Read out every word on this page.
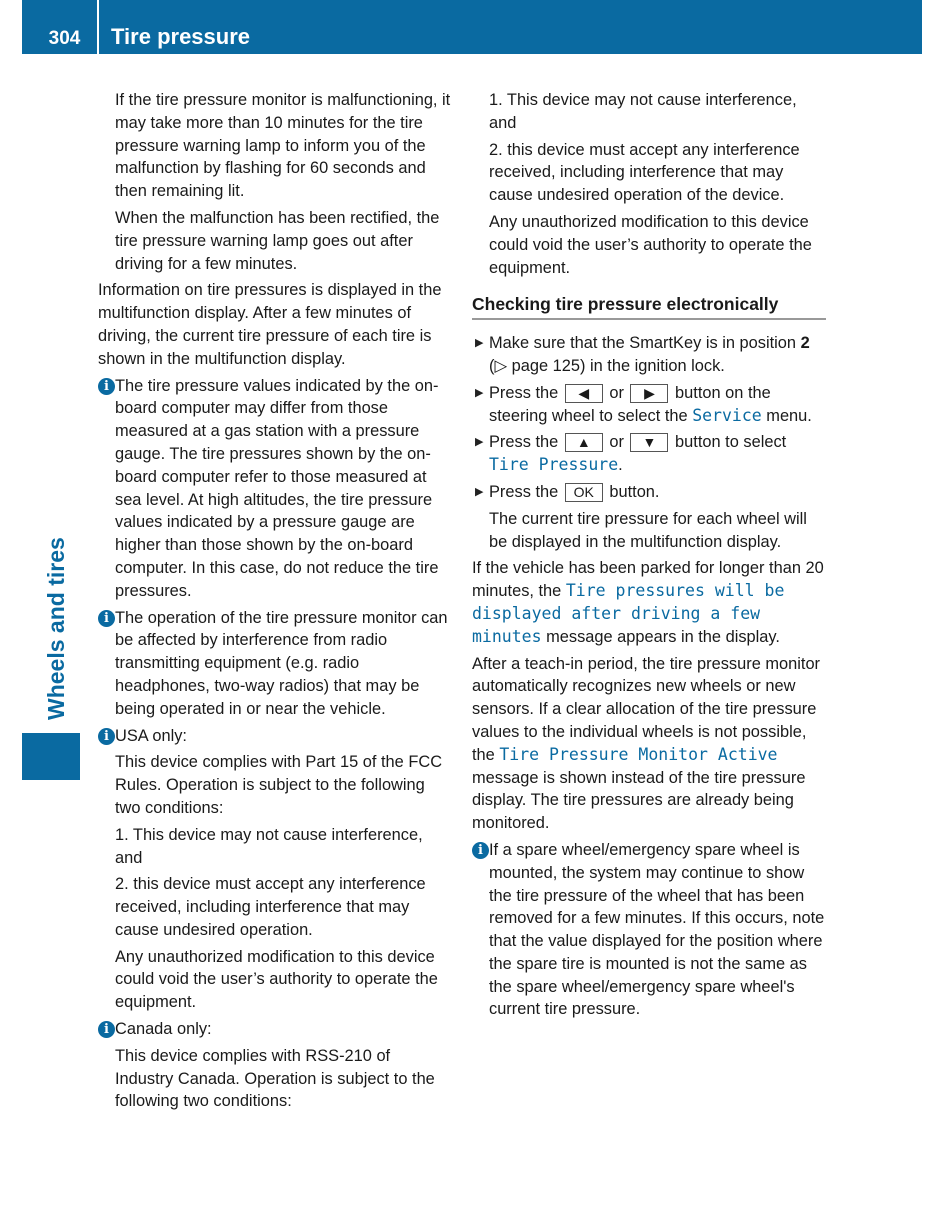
304	Tire pressure
Wheels and tires
If the tire pressure monitor is malfunctioning, it may take more than 10 minutes for the tire pressure warning lamp to inform you of the malfunction by flashing for 60 seconds and then remaining lit.
When the malfunction has been rectified, the tire pressure warning lamp goes out after driving for a few minutes.
Information on tire pressures is displayed in the multifunction display. After a few minutes of driving, the current tire pressure of each tire is shown in the multifunction display.
i The tire pressure values indicated by the on-board computer may differ from those measured at a gas station with a pressure gauge. The tire pressures shown by the on-board computer refer to those measured at sea level. At high altitudes, the tire pressure values indicated by a pressure gauge are higher than those shown by the on-board computer. In this case, do not reduce the tire pressures.
i The operation of the tire pressure monitor can be affected by interference from radio transmitting equipment (e.g. radio headphones, two-way radios) that may be being operated in or near the vehicle.
i USA only:
This device complies with Part 15 of the FCC Rules. Operation is subject to the following two conditions:
1. This device may not cause interference, and
2. this device must accept any interference received, including interference that may cause undesired operation.
Any unauthorized modification to this device could void the user’s authority to operate the equipment.
i Canada only:
This device complies with RSS-210 of Industry Canada. Operation is subject to the following two conditions:
1. This device may not cause interference, and
2. this device must accept any interference received, including interference that may cause undesired operation of the device.
Any unauthorized modification to this device could void the user’s authority to operate the equipment.
Checking tire pressure electronically
▶ Make sure that the SmartKey is in position 2 (▷ page 125) in the ignition lock.
▶ Press the ◀ or ▶ button on the steering wheel to select the Service menu.
▶ Press the ▲ or ▼ button to select Tire Pressure.
▶ Press the OK button.
The current tire pressure for each wheel will be displayed in the multifunction display.
If the vehicle has been parked for longer than 20 minutes, the Tire pressures will be displayed after driving a few minutes message appears in the display.
After a teach-in period, the tire pressure monitor automatically recognizes new wheels or new sensors. If a clear allocation of the tire pressure values to the individual wheels is not possible, the Tire Pressure Monitor Active message is shown instead of the tire pressure display. The tire pressures are already being monitored.
i If a spare wheel/emergency spare wheel is mounted, the system may continue to show the tire pressure of the wheel that has been removed for a few minutes. If this occurs, note that the value displayed for the position where the spare tire is mounted is not the same as the spare wheel/emergency spare wheel's current tire pressure.
